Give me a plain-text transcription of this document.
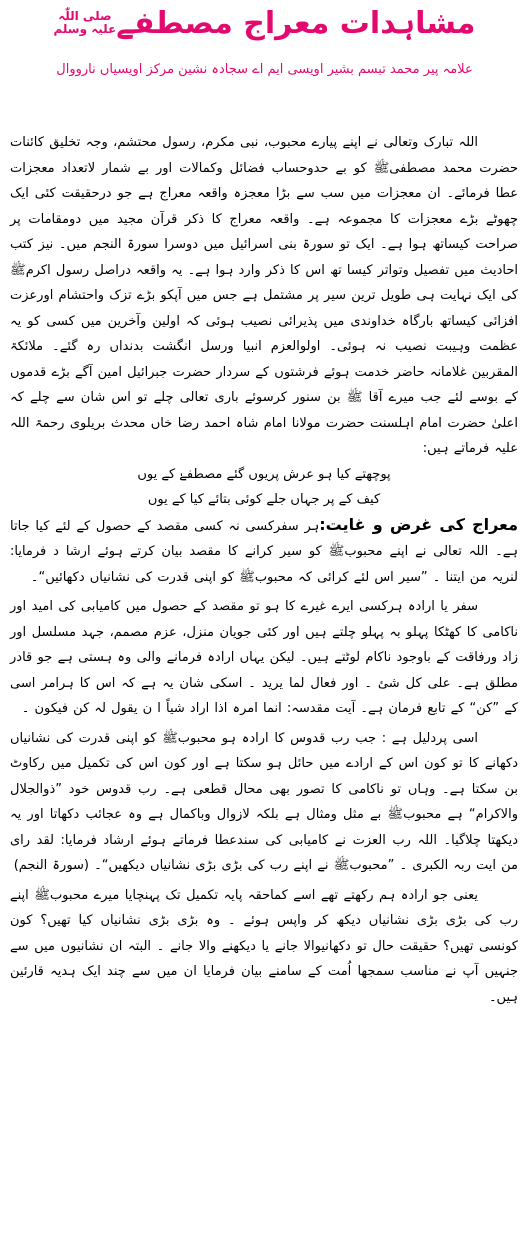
مشاہدات معراج مصطفے
صلی اللّٰہ
علیہ وسلم
علامہ پیر محمد تبسم بشیر اویسی ایم اے سجادہ نشین مرکز اویسیاں نارووال

اللہ تبارک وتعالی نے اپنے پیارے محبوب، نبی مکرم، رسول محتشم، وجہ تخلیق کائنات حضرت محمد مصطفیﷺ کو بے حدوحساب فضائل وکمالات اور بے شمار لاتعداد معجزات عطا فرمائے۔ ان معجزات میں سب سے بڑا معجزہ واقعہ معراج ہے جو درحقیقت کئی ایک چھوٹے بڑے معجزات کا مجموعہ ہے۔ واقعہ معراج کا ذکر قرآن مجید میں دومقامات پر صراحت کیساتھ ہوا ہے۔ ایک تو سورۃ بنی اسرائیل میں دوسرا سورۃ النجم میں۔ نیز کتب احادیث میں تفصیل وتواتر کیسا تھ اس کا ذکر وارد ہوا ہے۔ یہ واقعہ دراصل رسول اکرمﷺ کی ایک نہایت ہی طویل ترین سیر پر مشتمل ہے جس میں آپکو بڑے تزک واحتشام اورعزت افزائی کیساتھ بارگاہ خداوندی میں پذیرائی نصیب ہوئی کہ اولین وآخرین میں کسی کو یہ عظمت وہیبت نصیب نہ ہوئی۔ اولوالعزم انبیا ورسل انگشت بدنداں رہ گئے۔ ملائکۃ المقربین غلامانہ حاضر خدمت ہوئے فرشتوں کے سردار حضرت جبرائیل امین آگے بڑے قدموں کے بوسے لئے جب میرے آقا ﷺ بن سنور کرسوئے باری تعالی چلے تو اس شان سے چلے کہ اعلیٰ حضرت امام اہلسنت حضرت مولانا امام شاہ احمد رضا خاں محدث بریلوی رحمۃ اللہ علیہ فرماتے ہیں:

پوچھتے کیا ہو عرش پریوں گئے مصطفےٰ کے یوں
کیف کے پر جہاں جلے کوئی بتائے کیا کے یوں

معراج کی غرض و غایت:ہر سفرکسی نہ کسی مقصد کے حصول کے لئے کیا جاتا ہے۔ اللہ تعالی نے اپنے محبوبﷺ کو سیر کرانے کا مقصد بیان کرتے ہوئے ارشا د فرمایا: لنریہ من ایتنا ۔ ”سیر اس لئے کرائی کہ محبوبﷺ کو اپنی قدرت کی نشانیاں دکھائیں“۔

سفر یا ارادہ ہرکسی ایرے غیرے کا ہو تو مقصد کے حصول میں کامیابی کی امید اور ناکامی کا کھٹکا پہلو بہ پہلو چلتے ہیں اور کئی جویان منزل، عزم مصمم، جہد مسلسل اور زاد ورفاقت کے باوجود ناکام لوٹتے ہیں۔ لیکن یہاں ارادہ فرمانے والی وہ ہستی ہے جو قادر مطلق ہے۔ علی کل شئ ۔ اور فعال لما یرید ۔ اسکی شان یہ ہے کہ اس کا ہرامر اسی کے ”کن“ کے تابع فرمان ہے۔ آیت مقدسہ: انما امرہ اذا اراد شیاً ا ن یقول لہ کن فیکون ۔

اسی پردلیل ہے : جب رب قدوس کا ارادہ ہو محبوبﷺ کو اپنی قدرت کی نشانیاں دکھانے کا تو کون اس کے ارادے میں حائل ہو سکتا ہے اور کون اس کی تکمیل میں رکاوٹ بن سکتا ہے۔ وہاں تو ناکامی کا تصور بھی محال قطعی ہے۔ رب قدوس خود ”ذوالجلال والاکرام“ ہے محبوبﷺ بے مثل ومثال ہے بلکہ لازوال وباکمال ہے وہ عجائب دکھاتا اور یہ دیکھتا چلاگیا۔ اللہ رب العزت نے کامیابی کی سندعطا فرماتے ہوئے ارشاد فرمایا: لقد رای من ایت ربہ الکبری ۔ ”محبوبﷺ نے اپنے رب کی بڑی بڑی نشانیاں دیکھیں“۔ (سورۃ النجم)

یعنی جو ارادہ ہم رکھتے تھے اسے کماحقہ پایہ تکمیل تک پہنچایا میرے محبوبﷺ اپنے رب کی بڑی بڑی نشانیاں دیکھ کر واپس ہوئے ۔ وہ بڑی بڑی نشانیاں کیا تھیں؟ کون کونسی تھیں؟ حقیقت حال تو دکھانیوالا جانے یا دیکھنے والا جانے ۔ البتہ ان نشانیوں میں سے جنہیں آپ نے مناسب سمجھا اُمت کے سامنے بیان فرمایا ان میں سے چند ایک ہدیہ قارئین ہیں۔
